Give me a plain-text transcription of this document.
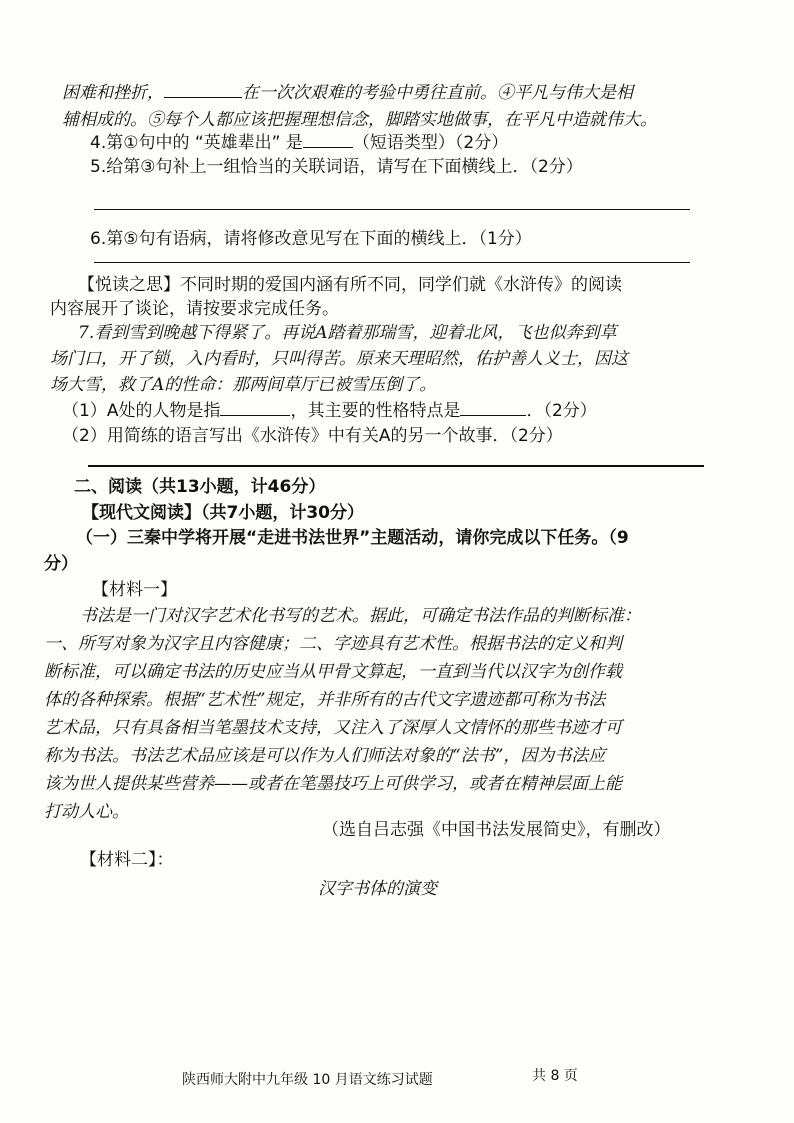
困难和挫折，	在一次次艰难的考验中勇往直前。④平凡与伟大是相
辅相成的。⑤每个人都应该把握理想信念，脚踏实地做事，在平凡中造就伟大。
4.第①句中的 “英雄辈出” 是	（短语类型）（2分）
5.给第③句补上一组恰当的关联词语，请写在下面横线上．（2分）
6.第⑤句有语病，请将修改意见写在下面的横线上．（1分）
【悦读之思】不同时期的爱国内涵有所不同，同学们就《水浒传》的阅读
内容展开了谈论，请按要求完成任务。
7.看到雪到晚越下得紧了。再说A踏着那瑞雪，迎着北风，飞也似奔到草
场门口，开了锁，入内看时，只叫得苦。原来天理昭然，佑护善人义士，因这
场大雪，救了A的性命：那两间草厅已被雪压倒了。
（1）A处的人物是指	，其主要的性格特点是	．（2分）
（2）用简练的语言写出《水浒传》中有关A的另一个故事．（2分）
二、阅读（共13小题，计46分）
【现代文阅读】（共7小题，计30分）
（一）三秦中学将开展“走进书法世界”主题活动，请你完成以下任务。（9
分）
【材料一】
书法是一门对汉字艺术化书写的艺术。据此，可确定书法作品的判断标准：
一、所写对象为汉字且内容健康；二、字迹具有艺术性。根据书法的定义和判
断标准，可以确定书法的历史应当从甲骨文算起，一直到当代以汉字为创作载
体的各种探索。根据“艺术性”规定，并非所有的古代文字遗迹都可称为书法
艺术品，只有具备相当笔墨技术支持，又注入了深厚人文情怀的那些书迹才可
称为书法。书法艺术品应该是可以作为人们师法对象的“法书”，因为书法应
该为世人提供某些营养——或者在笔墨技巧上可供学习，或者在精神层面上能
打动人心。
（选自吕志强《中国书法发展简史》，有删改）
【材料二】：
汉字书体的演变
陕西师大附中九年级 10 月语文练习试题	共 8 页
